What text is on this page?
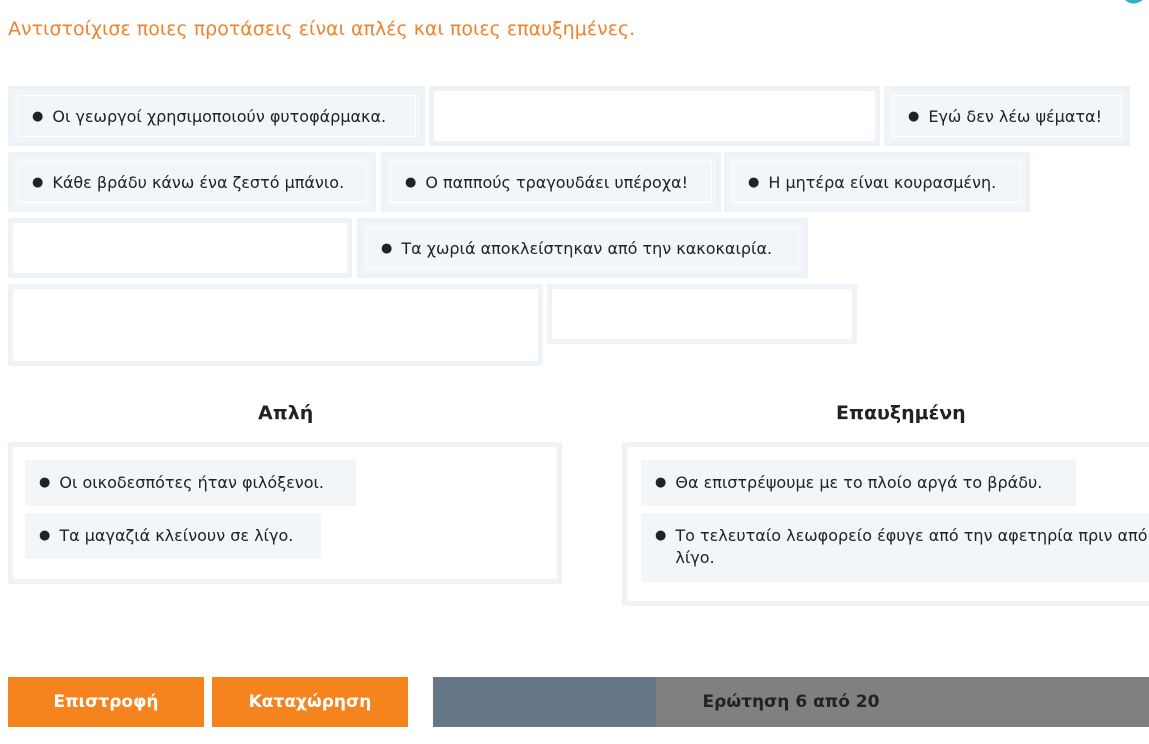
Αντιστοίχισε ποιες προτάσεις είναι απλές και ποιες επαυξημένες.
● Οι γεωργοί χρησιμοποιούν φυτοφάρμακα.	● Εγώ δεν λέω ψέματα!
● Κάθε βράδυ κάνω ένα ζεστό μπάνιο.	● Ο παππούς τραγουδάει υπέροχα!	● Η μητέρα είναι κουρασμένη.
● Τα χωριά αποκλείστηκαν από την κακοκαιρία.
Απλή	Επαυξημένη
● Οι οικοδεσπότες ήταν φιλόξενοι.
● Τα μαγαζιά κλείνουν σε λίγο.
● Θα επιστρέψουμε με το πλοίο αργά το βράδυ.
● Το τελευταίο λεωφορείο έφυγε από την αφετηρία πριν από λίγο.
Επιστροφή	Καταχώρηση	Ερώτηση 6 από 20
